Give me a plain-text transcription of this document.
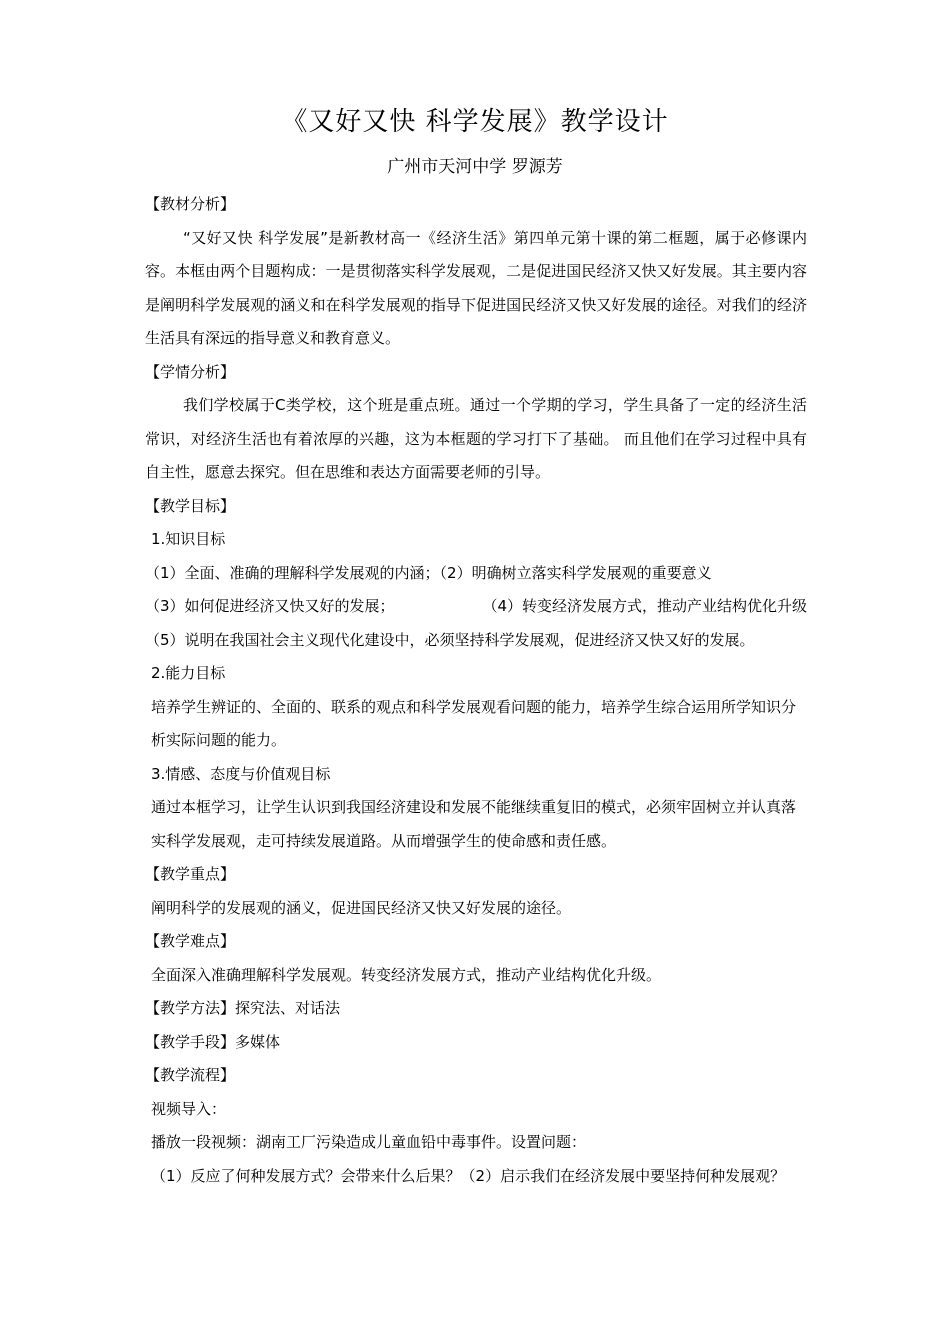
《又好又快 科学发展》教学设计
广州市天河中学 罗源芳

【教材分析】

“又好又快 科学发展”是新教材高一《经济生活》第四单元第十课的第二框题，属于必修课内容。本框由两个目题构成：一是贯彻落实科学发展观，二是促进国民经济又快又好发展。其主要内容是阐明科学发展观的涵义和在科学发展观的指导下促进国民经济又快又好发展的途径。对我们的经济生活具有深远的指导意义和教育意义。

【学情分析】

我们学校属于C类学校，这个班是重点班。通过一个学期的学习，学生具备了一定的经济生活常识，对经济生活也有着浓厚的兴趣，这为本框题的学习打下了基础。 而且他们在学习过程中具有自主性，愿意去探究。但在思维和表达方面需要老师的引导。

【教学目标】

1.知识目标

（1）全面、准确的理解科学发展观的内涵；（2）明确树立落实科学发展观的重要意义

（3）如何促进经济又快又好的发展；	（4）转变经济发展方式，推动产业结构优化升级

（5）说明在我国社会主义现代化建设中，必须坚持科学发展观，促进经济又快又好的发展。

2.能力目标

培养学生辨证的、全面的、联系的观点和科学发展观看问题的能力，培养学生综合运用所学知识分析实际问题的能力。

3.情感、态度与价值观目标

通过本框学习，让学生认识到我国经济建设和发展不能继续重复旧的模式，必须牢固树立并认真落实科学发展观，走可持续发展道路。从而增强学生的使命感和责任感。

【教学重点】

阐明科学的发展观的涵义，促进国民经济又快又好发展的途径。

【教学难点】

全面深入准确理解科学发展观。转变经济发展方式，推动产业结构优化升级。

【教学方法】探究法、对话法

【教学手段】多媒体

【教学流程】

视频导入：

播放一段视频：湖南工厂污染造成儿童血铅中毒事件。设置问题：

（1）反应了何种发展方式？会带来什么后果？（2）启示我们在经济发展中要坚持何种发展观？
